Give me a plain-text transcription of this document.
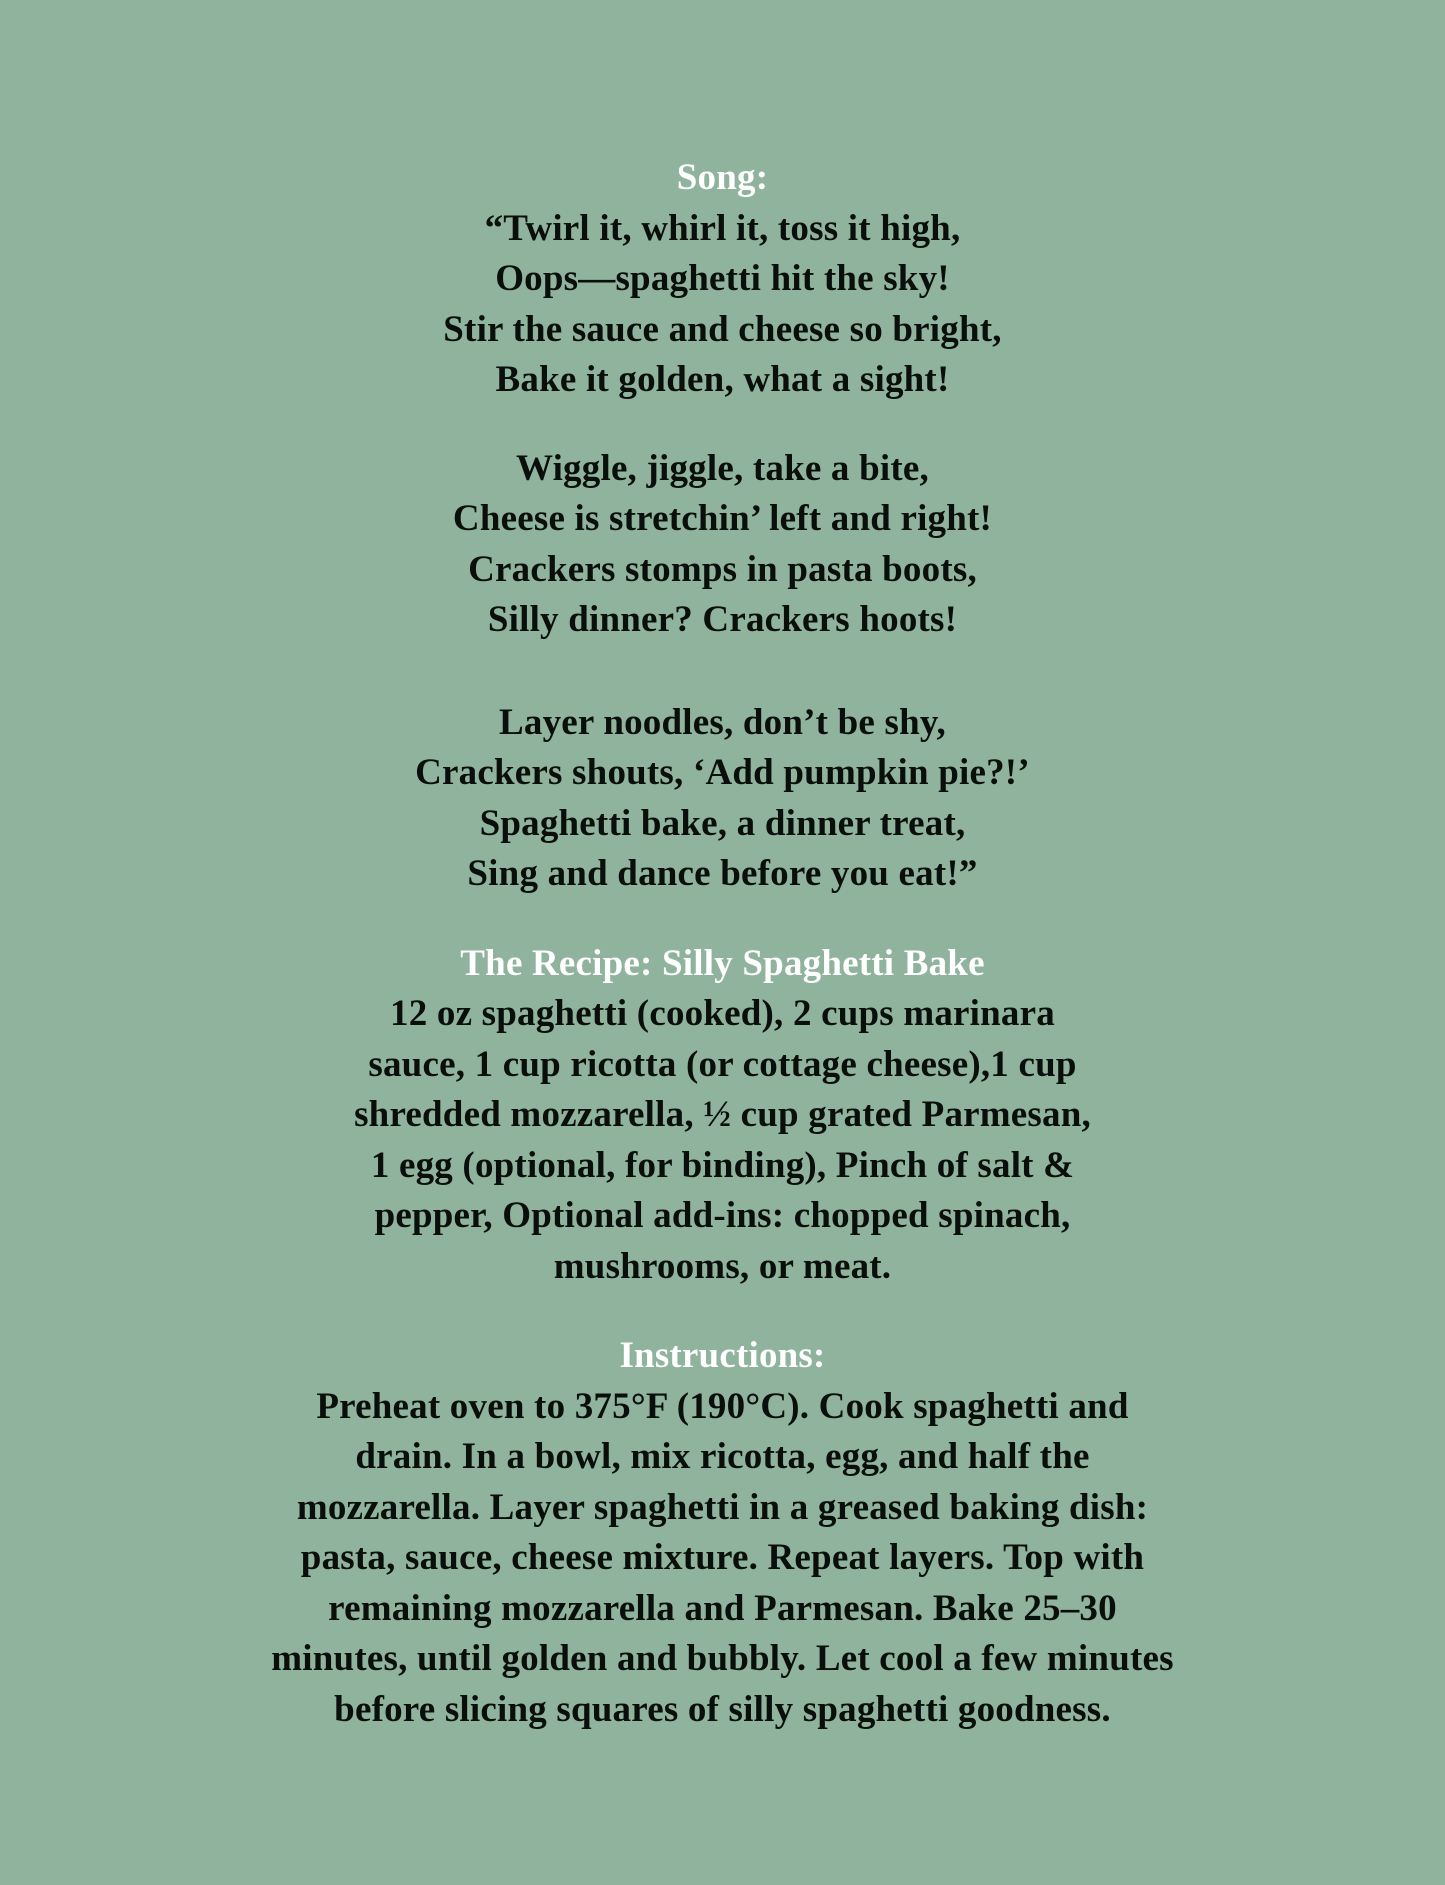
Song:
“Twirl it, whirl it, toss it high,
Oops—spaghetti hit the sky!
Stir the sauce and cheese so bright,
Bake it golden, what a sight!
Wiggle, jiggle, take a bite,
Cheese is stretchin’ left and right!
Crackers stomps in pasta boots,
Silly dinner? Crackers hoots!
Layer noodles, don’t be shy,
Crackers shouts, ‘Add pumpkin pie?!’
Spaghetti bake, a dinner treat,
Sing and dance before you eat!”
The Recipe: Silly Spaghetti Bake
12 oz spaghetti (cooked), 2 cups marinara
sauce, 1 cup ricotta (or cottage cheese),1 cup
shredded mozzarella, ½ cup grated Parmesan,
1 egg (optional, for binding), Pinch of salt &
pepper, Optional add-ins: chopped spinach,
mushrooms, or meat.
Instructions:
Preheat oven to 375°F (190°C). Cook spaghetti and
drain. In a bowl, mix ricotta, egg, and half the
mozzarella. Layer spaghetti in a greased baking dish:
pasta, sauce, cheese mixture. Repeat layers. Top with
remaining mozzarella and Parmesan. Bake 25–30
minutes, until golden and bubbly. Let cool a few minutes
before slicing squares of silly spaghetti goodness.
